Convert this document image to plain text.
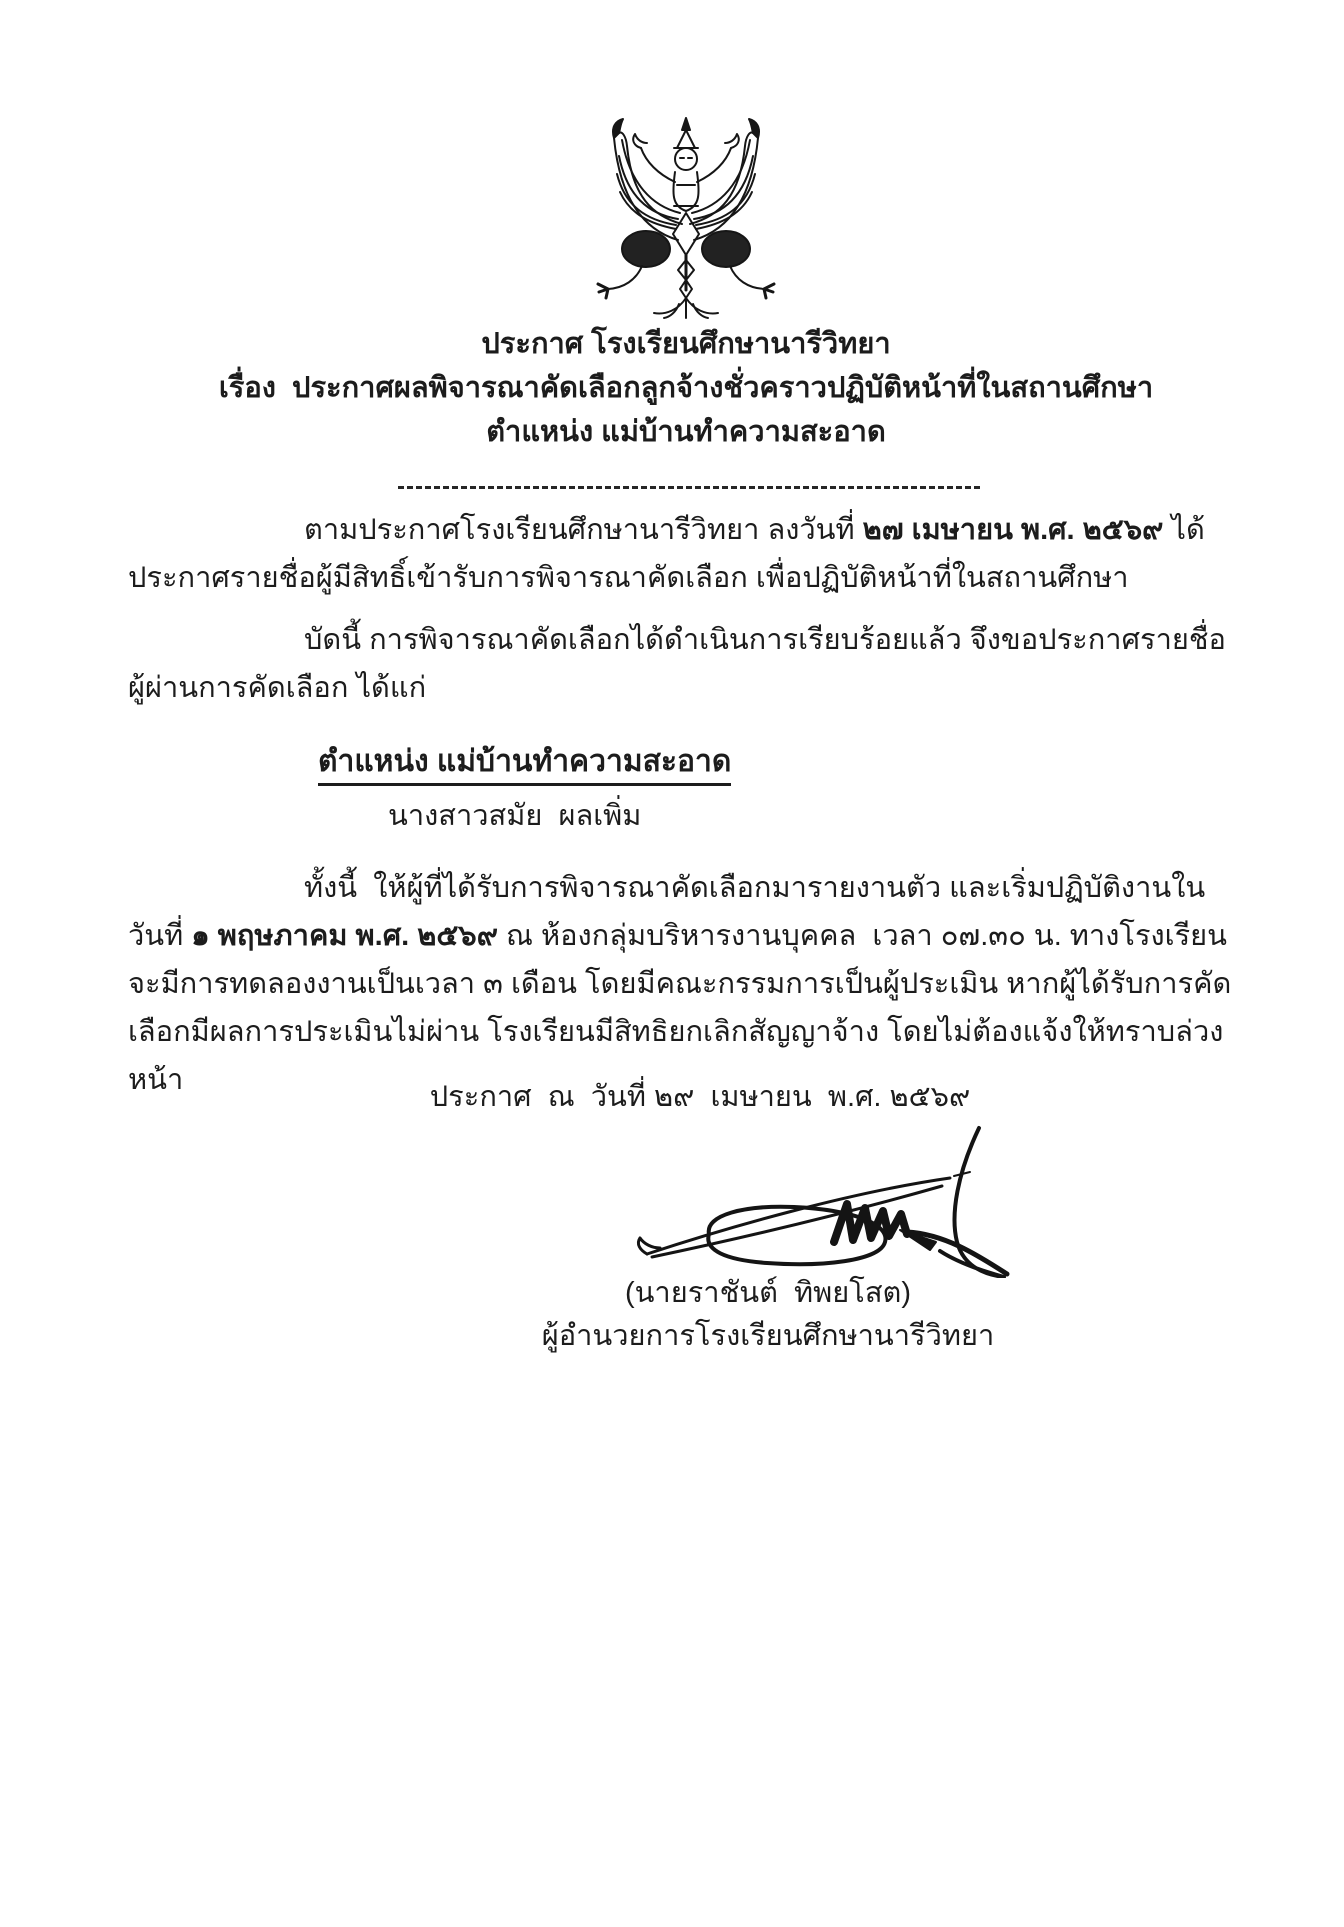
ประกาศ โรงเรียนศึกษานารีวิทยา
เรื่อง  ประกาศผลพิจารณาคัดเลือกลูกจ้างชั่วคราวปฏิบัติหน้าที่ในสถานศึกษา
ตำแหน่ง แม่บ้านทำความสะอาด

ตามประกาศโรงเรียนศึกษานารีวิทยา ลงวันที่ ๒๗ เมษายน พ.ศ. ๒๕๖๙ ได้ประกาศรายชื่อผู้มีสิทธิ์เข้ารับการพิจารณาคัดเลือก เพื่อปฏิบัติหน้าที่ในสถานศึกษา

บัดนี้ การพิจารณาคัดเลือกได้ดำเนินการเรียบร้อยแล้ว จึงขอประกาศรายชื่อผู้ผ่านการคัดเลือก ได้แก่

ตำแหน่ง แม่บ้านทำความสะอาด
นางสาวสมัย  ผลเพิ่ม

ทั้งนี้  ให้ผู้ที่ได้รับการพิจารณาคัดเลือกมารายงานตัว และเริ่มปฏิบัติงานในวันที่ ๑ พฤษภาคม พ.ศ. ๒๕๖๙ ณ ห้องกลุ่มบริหารงานบุคคล  เวลา ๐๗.๓๐ น. ทางโรงเรียนจะมีการทดลองงานเป็นเวลา ๓ เดือน โดยมีคณะกรรมการเป็นผู้ประเมิน หากผู้ได้รับการคัดเลือกมีผลการประเมินไม่ผ่าน โรงเรียนมีสิทธิยกเลิกสัญญาจ้าง โดยไม่ต้องแจ้งให้ทราบล่วงหน้า

ประกาศ  ณ  วันที่ ๒๙  เมษายน  พ.ศ. ๒๕๖๙
(นายราชันต์  ทิพยโสต)
ผู้อำนวยการโรงเรียนศึกษานารีวิทยา
